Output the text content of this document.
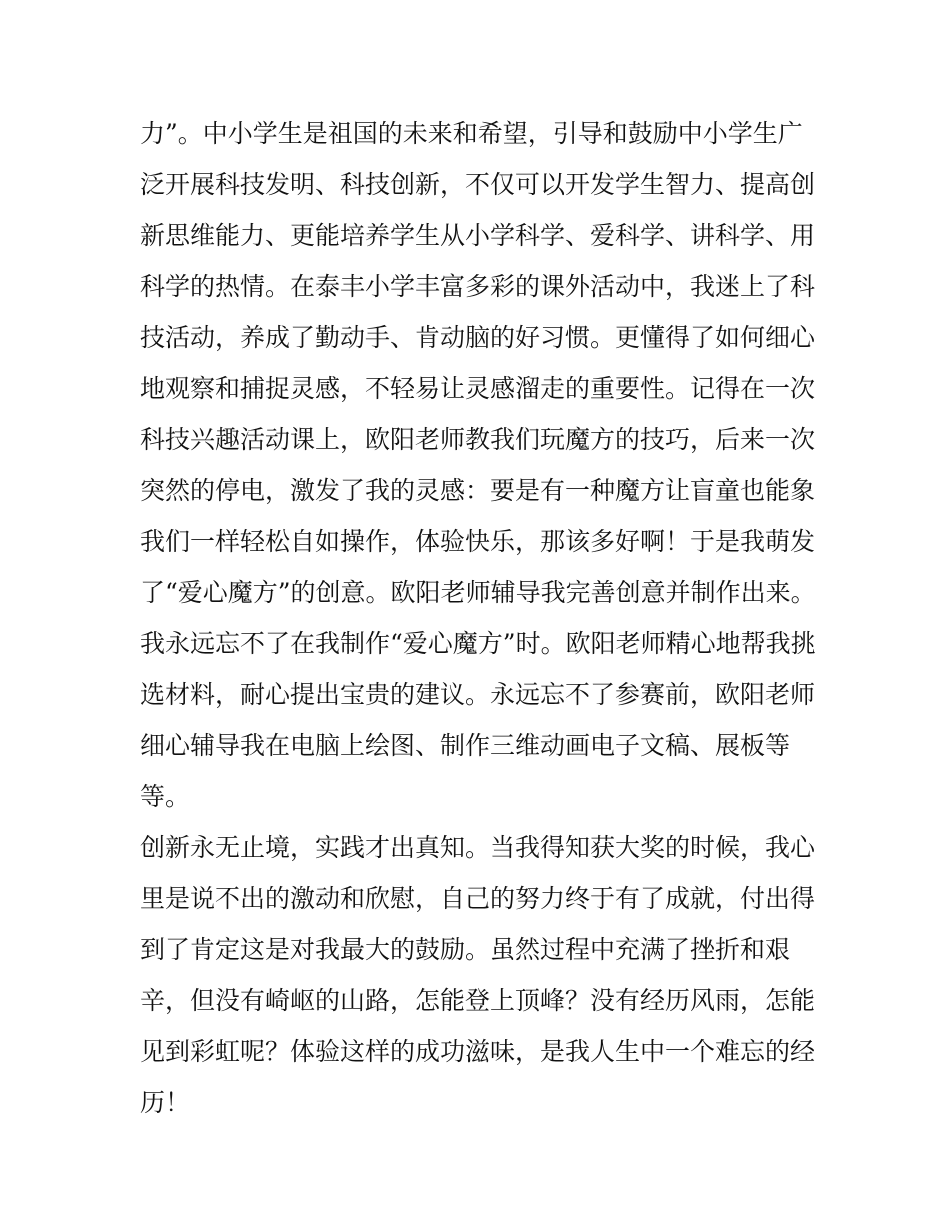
力”。中小学生是祖国的未来和希望，引导和鼓励中小学生广
泛开展科技发明、科技创新，不仅可以开发学生智力、提高创
新思维能力、更能培养学生从小学科学、爱科学、讲科学、用
科学的热情。在泰丰小学丰富多彩的课外活动中，我迷上了科
技活动，养成了勤动手、肯动脑的好习惯。更懂得了如何细心
地观察和捕捉灵感，不轻易让灵感溜走的重要性。记得在一次
科技兴趣活动课上，欧阳老师教我们玩魔方的技巧，后来一次
突然的停电，激发了我的灵感：要是有一种魔方让盲童也能象
我们一样轻松自如操作，体验快乐，那该多好啊！于是我萌发
了“爱心魔方”的创意。欧阳老师辅导我完善创意并制作出来。
我永远忘不了在我制作“爱心魔方”时。欧阳老师精心地帮我挑
选材料，耐心提出宝贵的建议。永远忘不了参赛前，欧阳老师
细心辅导我在电脑上绘图、制作三维动画电子文稿、展板等
等。
创新永无止境，实践才出真知。当我得知获大奖的时候，我心
里是说不出的激动和欣慰，自己的努力终于有了成就，付出得
到了肯定这是对我最大的鼓励。虽然过程中充满了挫折和艰
辛，但没有崎岖的山路，怎能登上顶峰？没有经历风雨，怎能
见到彩虹呢？体验这样的成功滋味，是我人生中一个难忘的经
历！
